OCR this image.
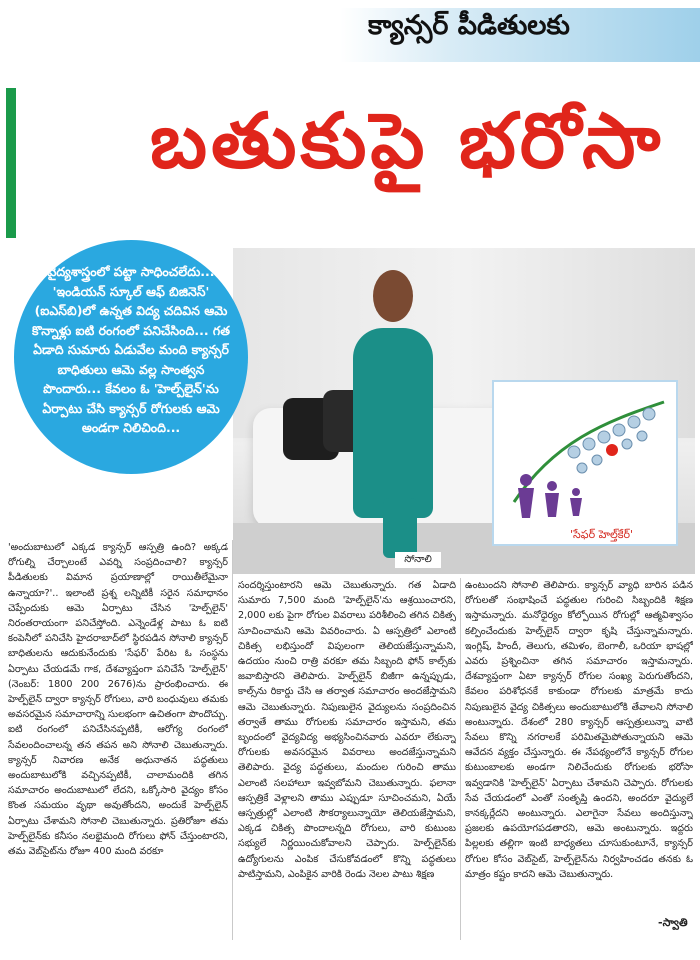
క్యాన్సర్ పీడితులకు
బతుకుపై భరోసా
సోనాలి
'సేఫర్ హెల్త్‌కేర్'
వైద్యశాస్త్రంలో పట్టా సాధించలేదు... 'ఇండియన్ స్కూల్ ఆఫ్ బిజినెస్' (ఐఎస్‌బి)లో ఉన్నత విద్య చదివిన ఆమె కొన్నాళ్లు ఐటి రంగంలో పనిచేసింది... గత ఏడాది సుమారు ఏడువేల మంది క్యాన్సర్ బాధితులు ఆమె వల్ల సాంత్వన పొందారు... కేవలం ఓ 'హెల్ప్‌లైన్'ను ఏర్పాటు చేసి క్యాన్సర్ రోగులకు ఆమె అండగా నిలిచింది...
'అందుబాటులో ఎక్కడ క్యాన్సర్ ఆస్పత్రి ఉంది? అక్కడ రోగుల్ని చేర్చాలంటే ఎవర్ని సంప్రదించాలి? క్యాన్సర్ పీడితులకు విమాన ప్రయాణాల్లో రాయితీలేమైనా ఉన్నాయా?'.. ఇలాంటి ప్రశ్న లన్నిటికీ సరైన సమాధానం చెప్పేందుకు ఆమె ఏర్పాటు చేసిన 'హెల్ప్‌లైన్' నిరంతరాయంగా పనిచేస్తోంది. ఎన్నెండేళ్ల పాటు ఓ ఐటి కంపెనీలో పనిచేసి హైదరాబాద్‌లో స్థిరపడిన సోనాలి క్యాన్సర్ బాధితులను ఆదుకునేందుకు 'సేఫర్' పేరిట ఓ సంస్థను ఏర్పాటు చేయడమే గాక, దేశవ్యాప్తంగా పనిచేసే 'హెల్ప్‌లైన్' (నెంబర్: 1800 200 2676)ను ప్రారంభించారు. ఈ హెల్ప్‌లైన్ ద్వారా క్యాన్సర్ రోగులు, వారి బంధువులు తమకు అవసరమైన సమాచారాన్ని సులభంగా ఉచితంగా పొందొచ్చు. ఐటి రంగంలో పనిచేసినప్పటికీ, ఆరోగ్య రంగంలో సేవలందించాలన్న తన తపన అని సోనాలి చెబుతున్నారు. క్యాన్సర్ నివారణ అనేక అధునాతన పద్ధతులు అందుబాటులోకి వచ్చినప్పటికీ, చాలామందికి తగిన సమాచారం అందుబాటులో లేదని, ఒక్కోసారి వైద్యం కోసం కొంత సమయం వృథా అవుతోందని, అందుకే హెల్ప్‌లైన్ ఏర్పాటు చేశామని సోనాలి చెబుతున్నారు. ప్రతిరోజూ తమ హెల్ప్‌లైన్‌కు కనీసం నలభైమంది రోగులు ఫోన్ చేస్తుంటారని, తమ వెబ్‌సైట్‌ను రోజూ 400 మంది వరకూ
సందర్శిస్తుంటారని ఆమె చెబుతున్నారు. గత ఏడాది సుమారు 7,500 మంది 'హెల్ప్‌లైన్'ను ఆశ్రయించారని, 2,000 లకు పైగా రోగుల వివరాలు పరిశీలించి తగిన చికిత్స సూచించామని ఆమె వివరించారు. ఏ ఆస్పత్రిలో ఎలాంటి చికిత్స లభిస్తుందో విపులంగా తెలియజేస్తున్నామని, ఉదయం నుంచి రాత్రి వరకూ తమ సిబ్బంది ఫోన్ కాల్స్‌కు జవాబిస్తారని తెలిపారు. హెల్ప్‌లైన్ బిజీగా ఉన్నప్పుడు, కాల్స్‌ను రికార్డు చేసి ఆ తర్వాత సమాచారం అందజేస్తామని ఆమె చెబుతున్నారు. నిపుణులైన వైద్యులను సంప్రదించిన తర్వాతే తాము రోగులకు సమాచారం ఇస్తామని, తమ బృందంలో వైద్యవిద్య అభ్యసించినవారు ఎవరూ లేకున్నా రోగులకు అవసరమైన వివరాలు అందజేస్తున్నామని తెలిపారు. వైద్య పద్ధతులు, మందుల గురించి తాము ఎలాంటి సలహాలూ ఇవ్వబోమని చెబుతున్నారు. ఫలానా ఆస్పత్రికే వెళ్లాలని తాము ఎప్పుడూ సూచించమని, ఏయే ఆస్పత్రుల్లో ఎలాంటి సౌకర్యాలున్నాయో తెలియజేస్తామని, ఎక్కడ చికిత్స పొందాలన్నది రోగులు, వారి కుటుంబ సభ్యులే నిర్ణయించుకోవాలని చెప్పారు. హెల్ప్‌లైన్‌కు ఉద్యోగులను ఎంపిక చేసుకోవడంలో కొన్ని పద్ధతులు పాటిస్తామని, ఎంపికైన వారికి రెండు నెలల పాటు శిక్షణ
ఉంటుందని సోనాలి తెలిపారు. క్యాన్సర్ వ్యాధి బారిన పడిన రోగులతో సంభాషించే పద్ధతుల గురించి సిబ్బందికి శిక్షణ ఇస్తామన్నారు. మనోధైర్యం కోల్పోయిన రోగుల్లో ఆత్మవిశ్వాసం కల్పించేందుకు హెల్ప్‌లైన్ ద్వారా కృషి చేస్తున్నామన్నారు. ఇంగ్లిష్, హిందీ, తెలుగు, తమిళం, బెంగాలీ, ఒరియా భాషల్లో ఎవరు ప్రశ్నించినా తగిన సమాచారం ఇస్తామన్నారు. దేశవ్యాప్తంగా ఏటా క్యాన్సర్ రోగుల సంఖ్య పెరుగుతోందని, కేవలం పరిశోధనకే కాకుండా రోగులకు మాత్రమే కాదు నిపుణులైన వైద్య చికిత్సలు అందుబాటులోకి తేవాలని సోనాలి అంటున్నారు. దేశంలో 280 క్యాన్సర్ ఆస్పత్రులున్నా వాటి సేవలు కొన్ని నగరాలకే పరిమితమైపోతున్నాయని ఆమె ఆవేదన వ్యక్తం చేస్తున్నారు. ఈ నేపథ్యంలోనే క్యాన్సర్ రోగుల కుటుంబాలకు అండగా నిలిచేందుకు రోగులకు భరోసా ఇవ్వడానికి 'హెల్ప్‌లైన్' ఏర్పాటు చేశామని చెప్పారు. రోగులకు సేవ చేయడంలో ఎంతో సంతృప్తి ఉందని, అందరూ వైద్యులే కానక్కర్లేదని అంటున్నారు. ఎలాగైనా సేవలు అందిస్తున్నా ప్రజలకు ఉపయోగపడతారని, ఆమె అంటున్నారు. ఇద్దరు పిల్లలకు తల్లిగా ఇంటి బాధ్యతలు చూసుకుంటూనే, క్యాన్సర్ రోగుల కోసం వెబ్‌సైట్, హెల్ప్‌లైన్‌ను నిర్వహించడం తనకు ఓ మాత్రం కష్టం కాదని ఆమె చెబుతున్నారు.
-స్వాతి
